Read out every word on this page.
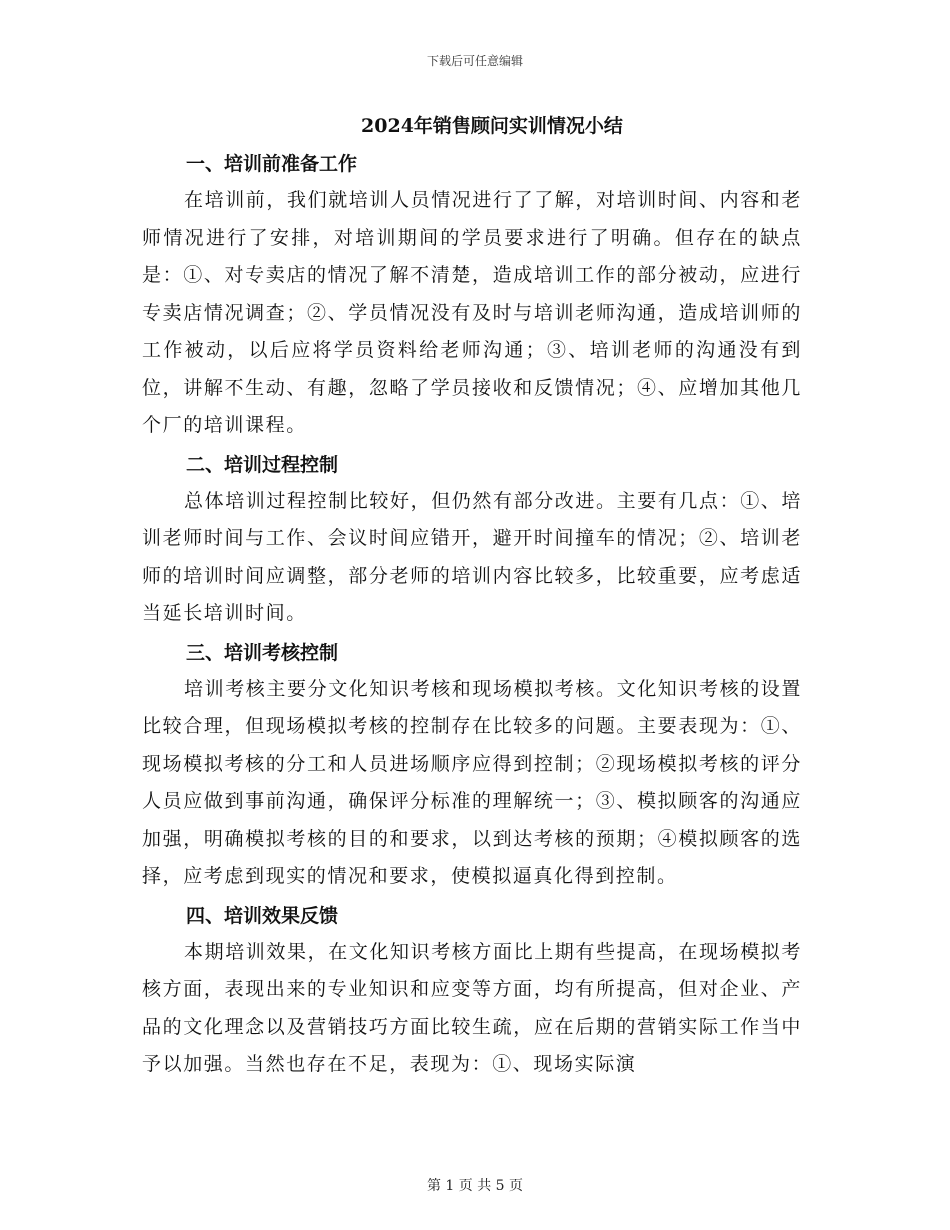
下载后可任意编辑
2024年销售顾问实训情况小结
一、培训前准备工作

在培训前，我们就培训人员情况进行了了解，对培训时间、内容和老师情况进行了安排，对培训期间的学员要求进行了明确。但存在的缺点是：①、对专卖店的情况了解不清楚，造成培训工作的部分被动，应进行专卖店情况调查；②、学员情况没有及时与培训老师沟通，造成培训师的工作被动，以后应将学员资料给老师沟通；③、培训老师的沟通没有到位，讲解不生动、有趣，忽略了学员接收和反馈情况；④、应增加其他几个厂的培训课程。

二、培训过程控制

总体培训过程控制比较好，但仍然有部分改进。主要有几点：①、培训老师时间与工作、会议时间应错开，避开时间撞车的情况；②、培训老师的培训时间应调整，部分老师的培训内容比较多，比较重要，应考虑适当延长培训时间。

三、培训考核控制

培训考核主要分文化知识考核和现场模拟考核。文化知识考核的设置比较合理，但现场模拟考核的控制存在比较多的问题。主要表现为：①、现场模拟考核的分工和人员进场顺序应得到控制；②现场模拟考核的评分人员应做到事前沟通，确保评分标准的理解统一；③、模拟顾客的沟通应加强，明确模拟考核的目的和要求，以到达考核的预期；④模拟顾客的选择，应考虑到现实的情况和要求，使模拟逼真化得到控制。

四、培训效果反馈

本期培训效果，在文化知识考核方面比上期有些提高，在现场模拟考核方面，表现出来的专业知识和应变等方面，均有所提高，但对企业、产品的文化理念以及营销技巧方面比较生疏，应在后期的营销实际工作当中予以加强。当然也存在不足，表现为：①、现场实际演

第 1 页 共 5 页
